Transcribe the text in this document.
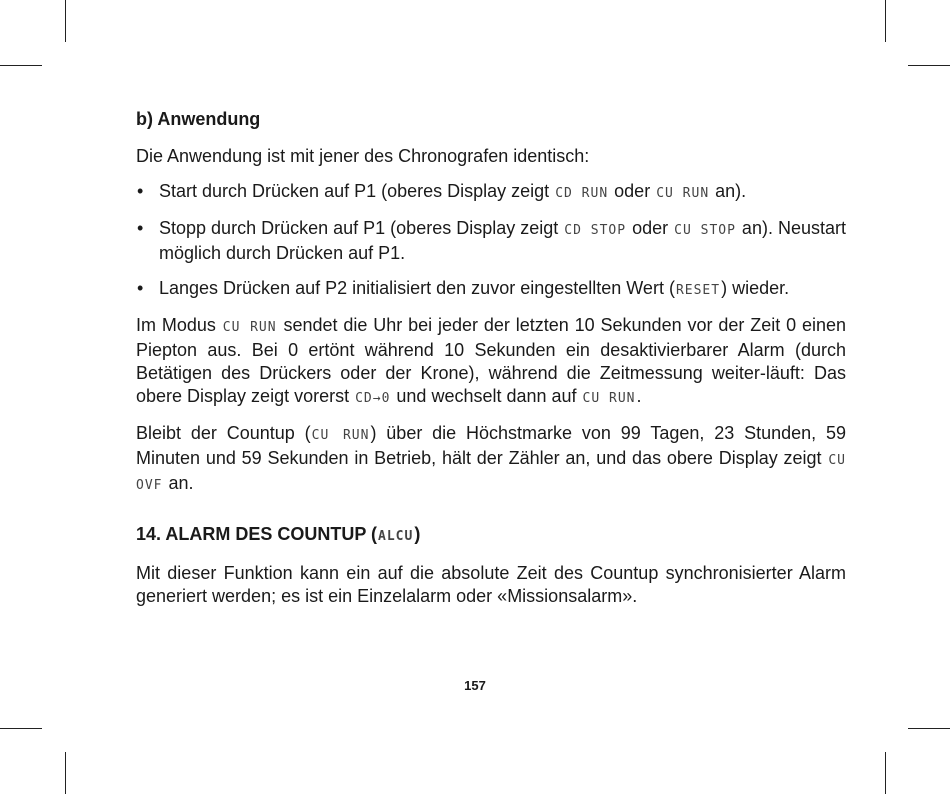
b) Anwendung

Die Anwendung ist mit jener des Chronografen identisch:

• Start durch Drücken auf P1 (oberes Display zeigt CD RUN oder CU RUN an).
• Stopp durch Drücken auf P1 (oberes Display zeigt CD STOP oder CU STOP an). Neustart möglich durch Drücken auf P1.
• Langes Drücken auf P2 initialisiert den zuvor eingestellten Wert (RESET) wieder.

Im Modus CU RUN sendet die Uhr bei jeder der letzten 10 Sekunden vor der Zeit 0 einen Piepton aus. Bei 0 ertönt während 10 Sekunden ein desaktivierbarer Alarm (durch Betätigen des Drückers oder der Krone), während die Zeitmessung weiter-läuft: Das obere Display zeigt vorerst CD→0 und wechselt dann auf CU RUN.

Bleibt der Countup (CU RUN) über die Höchstmarke von 99 Tagen, 23 Stunden, 59 Minuten und 59 Sekunden in Betrieb, hält der Zähler an, und das obere Display zeigt CU OVF an.

14. ALARM DES COUNTUP (ALCU)

Mit dieser Funktion kann ein auf die absolute Zeit des Countup synchronisierter Alarm generiert werden; es ist ein Einzelalarm oder «Missionsalarm».

157
